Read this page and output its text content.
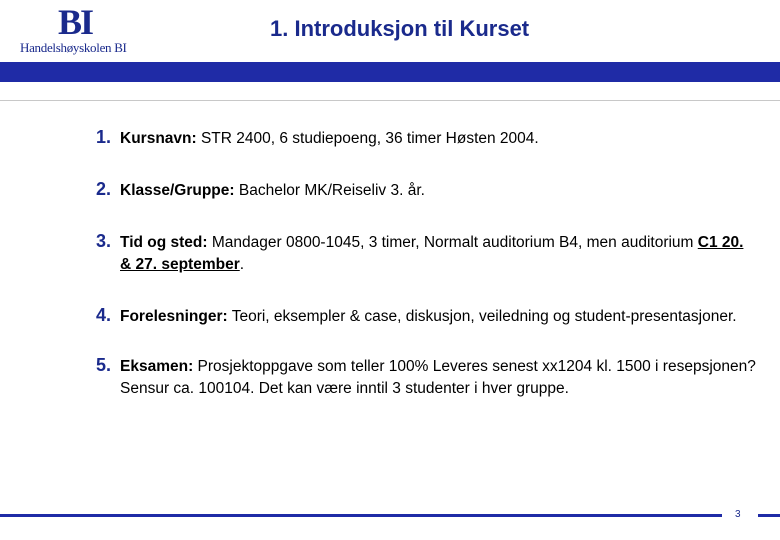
BI
Handelshøyskolen BI
1. Introduksjon til Kurset
1. Kursnavn: STR 2400, 6 studiepoeng, 36 timer Høsten 2004.
2. Klasse/Gruppe: Bachelor MK/Reiseliv 3. år.
3. Tid og sted: Mandager 0800-1045, 3 timer, Normalt auditorium B4, men auditorium C1 20. & 27. september.
4. Forelesninger: Teori, eksempler & case, diskusjon, veiledning og student-presentasjoner.
5. Eksamen: Prosjektoppgave som teller 100% Leveres senest xx1204 kl. 1500 i resepsjonen? Sensur ca. 100104. Det kan være inntil 3 studenter i hver gruppe.
3
